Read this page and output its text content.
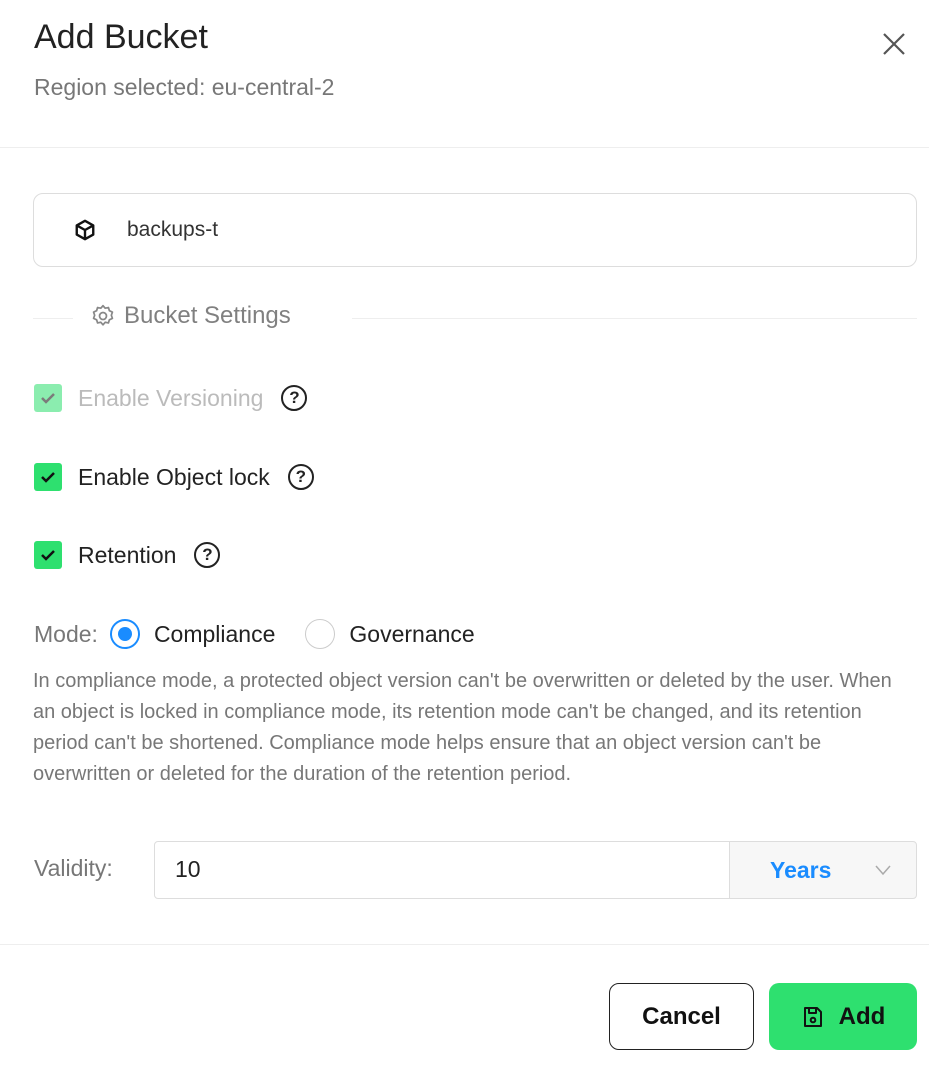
Add Bucket
Region selected: eu-central-2
backups-t
Bucket Settings
Enable Versioning	?
Enable Object lock	?
Retention	?
Mode: Compliance	Governance
In compliance mode, a protected object version can't be overwritten or deleted by the user. When an object is locked in compliance mode, its retention mode can't be changed, and its retention period can't be shortened. Compliance mode helps ensure that an object version can't be overwritten or deleted for the duration of the retention period.
Validity:	10	Years
Cancel	Add
